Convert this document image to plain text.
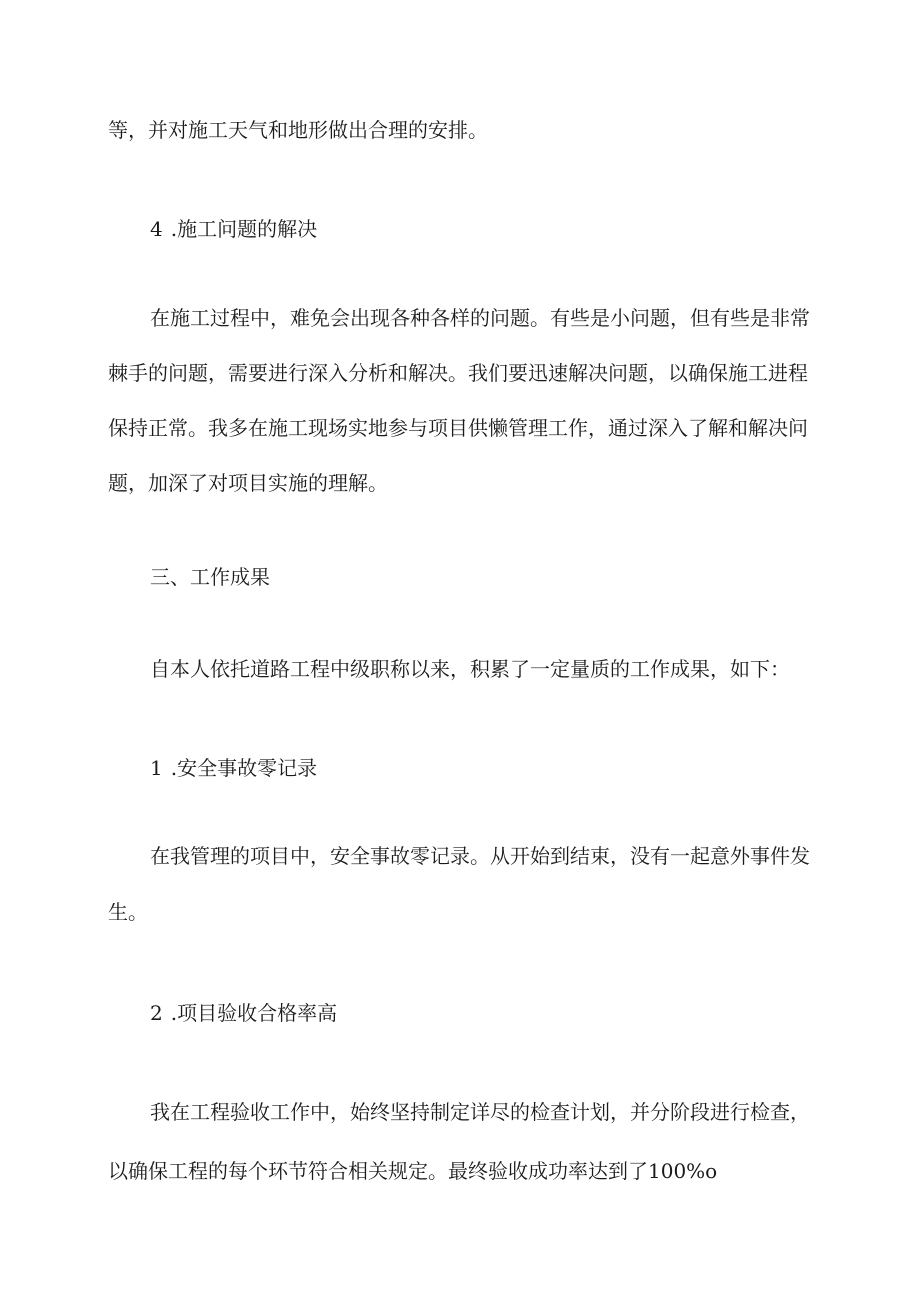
等，并对施工天气和地形做出合理的安排。

4 .施工问题的解决

在施工过程中，难免会出现各种各样的问题。有些是小问题，但有些是非常

棘手的问题，需要进行深入分析和解决。我们要迅速解决问题，以确保施工进程

保持正常。我多在施工现场实地参与项目供懒管理工作，通过深入了解和解决问

题，加深了对项目实施的理解。

三、工作成果

自本人依托道路工程中级职称以来，积累了一定量质的工作成果，如下：

1 .安全事故零记录

在我管理的项目中，安全事故零记录。从开始到结束，没有一起意外事件发

生。

2 .项目验收合格率高

我在工程验收工作中，始终坚持制定详尽的检查计划，并分阶段进行检查，

以确保工程的每个环节符合相关规定。最终验收成功率达到了100%o
